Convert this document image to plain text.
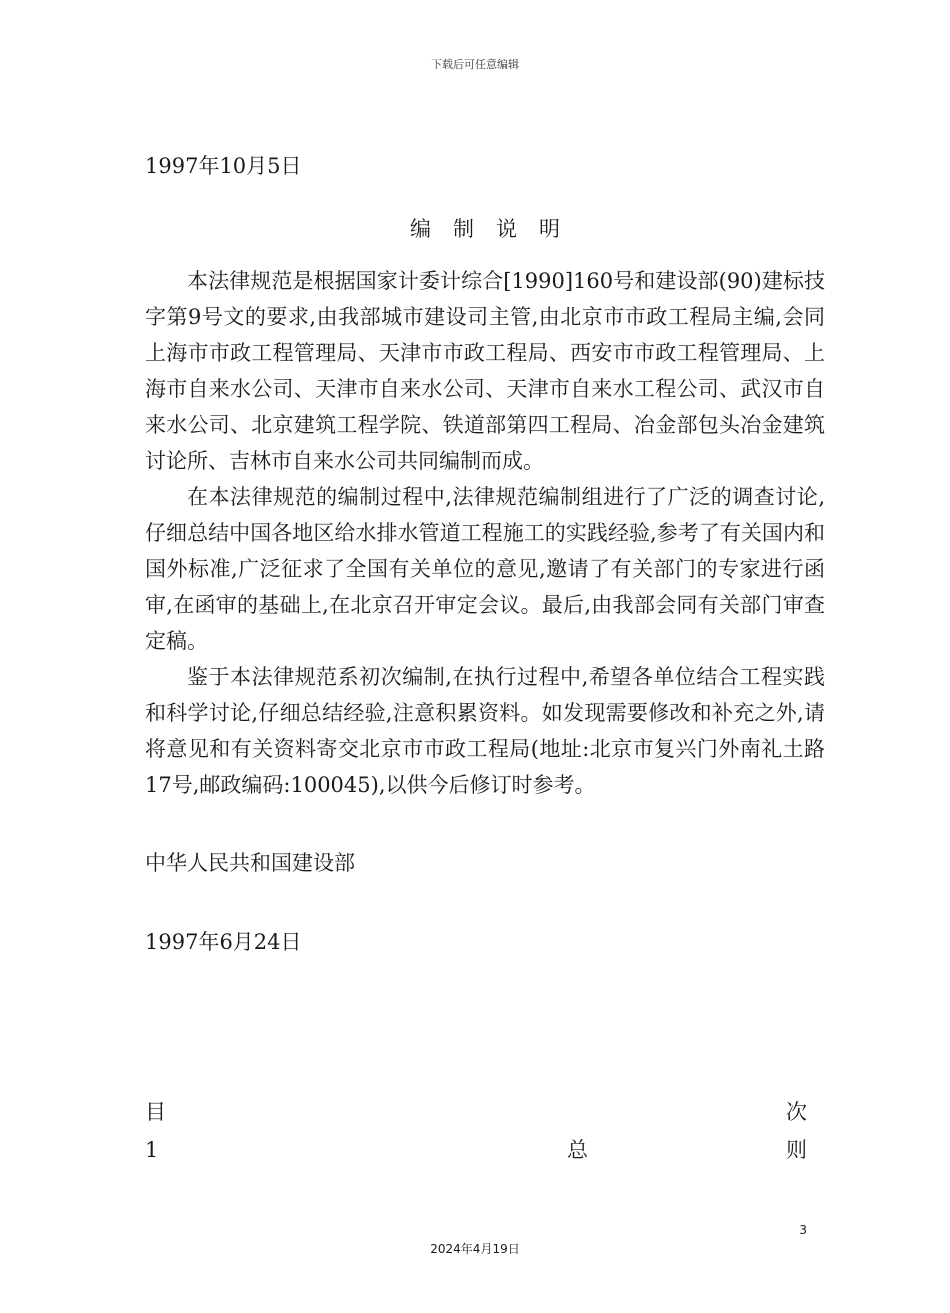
下载后可任意编辑

1997年10月5日

编制说明

本法律规范是根据国家计委计综合[1990]160号和建设部(90)建标技字第9号文的要求,由我部城市建设司主管,由北京市市政工程局主编,会同上海市市政工程管理局、天津市市政工程局、西安市市政工程管理局、上海市自来水公司、天津市自来水公司、天津市自来水工程公司、武汉市自来水公司、北京建筑工程学院、铁道部第四工程局、冶金部包头冶金建筑讨论所、吉林市自来水公司共同编制而成。

在本法律规范的编制过程中,法律规范编制组进行了广泛的调查讨论,仔细总结中国各地区给水排水管道工程施工的实践经验,参考了有关国内和国外标准,广泛征求了全国有关单位的意见,邀请了有关部门的专家进行函审,在函审的基础上,在北京召开审定会议。最后,由我部会同有关部门审查定稿。

鉴于本法律规范系初次编制,在执行过程中,希望各单位结合工程实践和科学讨论,仔细总结经验,注意积累资料。如发现需要修改和补充之外,请将意见和有关资料寄交北京市市政工程局(地址:北京市复兴门外南礼土路17号,邮政编码:100045),以供今后修订时参考。

中华人民共和国建设部

1997年6月24日

目	次
1	总	则
3
2024年4月19日
